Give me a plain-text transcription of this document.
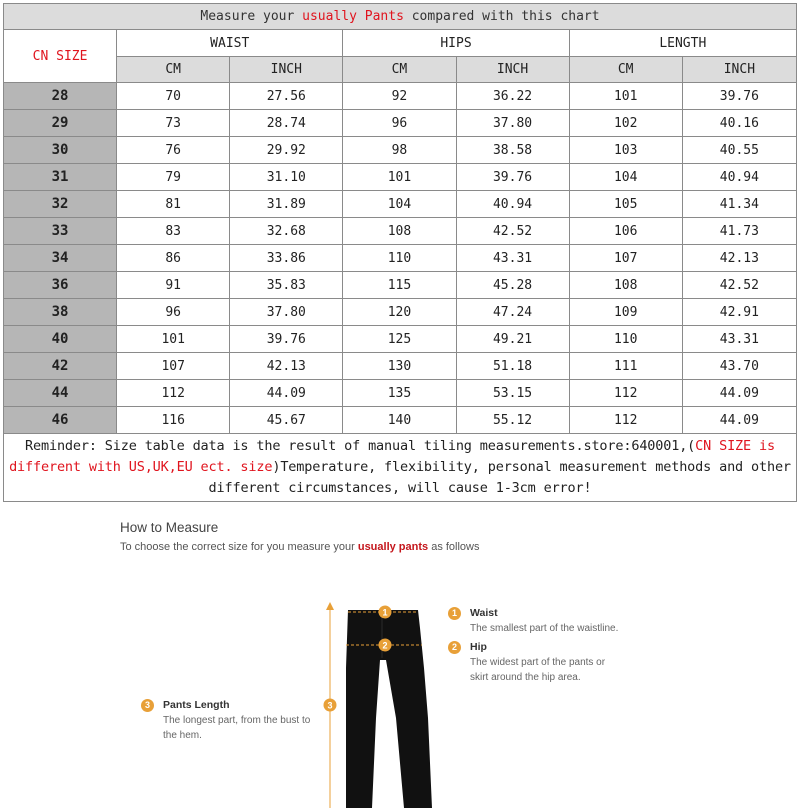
Measure your usually Pants compared with this chart						
CN SIZE	WAIST		HIPS		LENGTH	
	CM	INCH	CM	INCH	CM	INCH
28	70	27.56	92	36.22	101	39.76
29	73	28.74	96	37.80	102	40.16
30	76	29.92	98	38.58	103	40.55
31	79	31.10	101	39.76	104	40.94
32	81	31.89	104	40.94	105	41.34
33	83	32.68	108	42.52	106	41.73
34	86	33.86	110	43.31	107	42.13
36	91	35.83	115	45.28	108	42.52
38	96	37.80	120	47.24	109	42.91
40	101	39.76	125	49.21	110	43.31
42	107	42.13	130	51.18	111	43.70
44	112	44.09	135	53.15	112	44.09
46	116	45.67	140	55.12	112	44.09
Reminder: Size table data is the result of manual tiling measurements.store:640001,(CN SIZE is different with US,UK,EU ect. size)Temperature, flexibility, personal measurement methods and other different circumstances, will cause 1-3cm error!						
How to Measure
To choose the correct size for you measure your usually pants as follows
1
2
3
1	Waist
The smallest part of the waistline.
2	Hip
The widest part of the pants or skirt around the hip area.
3	Pants Length
The longest part, from the bust to the hem.
